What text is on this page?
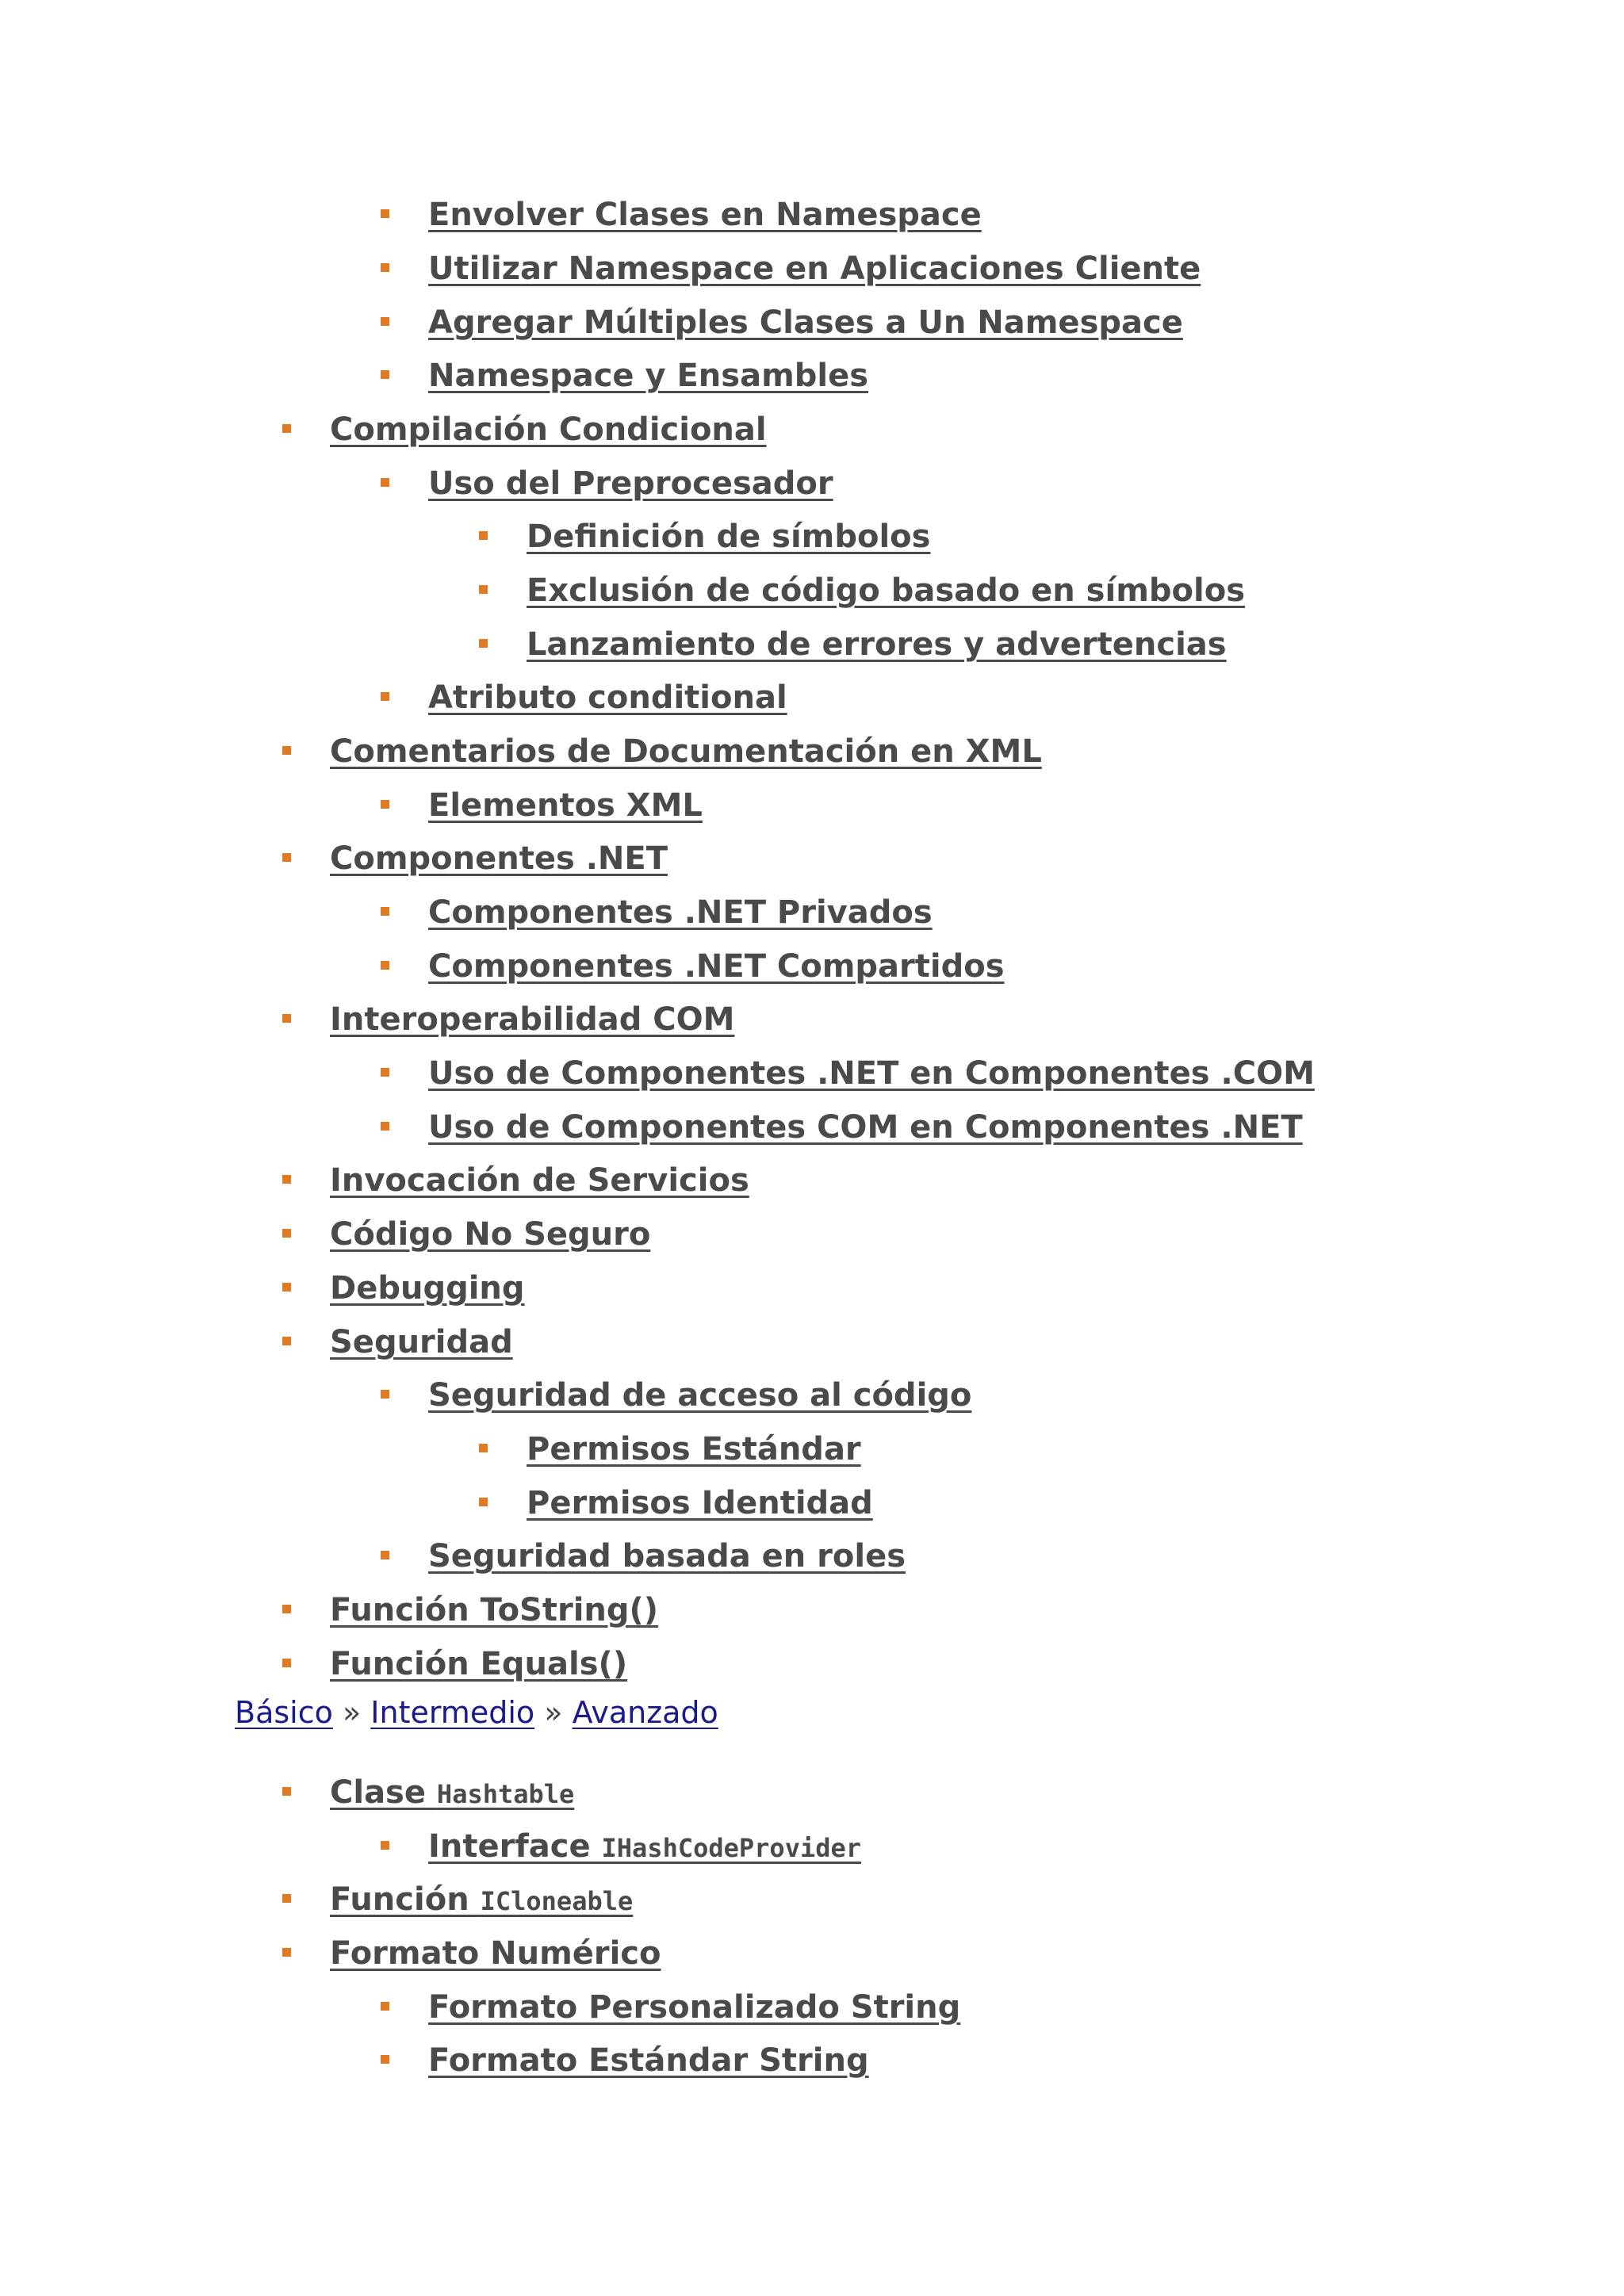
Envolver Clases en Namespace
Utilizar Namespace en Aplicaciones Cliente
Agregar Múltiples Clases a Un Namespace
Namespace y Ensambles
Compilación Condicional
Uso del Preprocesador
Definición de símbolos
Exclusión de código basado en símbolos
Lanzamiento de errores y advertencias
Atributo conditional
Comentarios de Documentación en XML
Elementos XML
Componentes .NET
Componentes .NET Privados
Componentes .NET Compartidos
Interoperabilidad COM
Uso de Componentes .NET en Componentes .COM
Uso de Componentes COM en Componentes .NET
Invocación de Servicios
Código No Seguro
Debugging
Seguridad
Seguridad de acceso al código
Permisos Estándar
Permisos Identidad
Seguridad basada en roles
Función ToString()
Función Equals()
Básico » Intermedio » Avanzado
Clase Hashtable
Interface IHashCodeProvider
Función ICloneable
Formato Numérico
Formato Personalizado String
Formato Estándar String
